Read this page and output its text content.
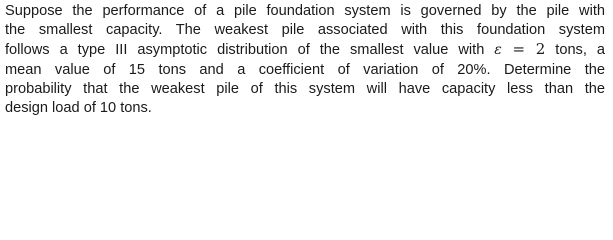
Suppose the performance of a pile foundation system is governed by the pile with
the smallest capacity. The weakest pile associated with this foundation system
follows a type III asymptotic distribution of the smallest value with ε = 2 tons, a
mean value of 15 tons and a coefficient of variation of 20%. Determine the
probability that the weakest pile of this system will have capacity less than the
design load of 10 tons.
